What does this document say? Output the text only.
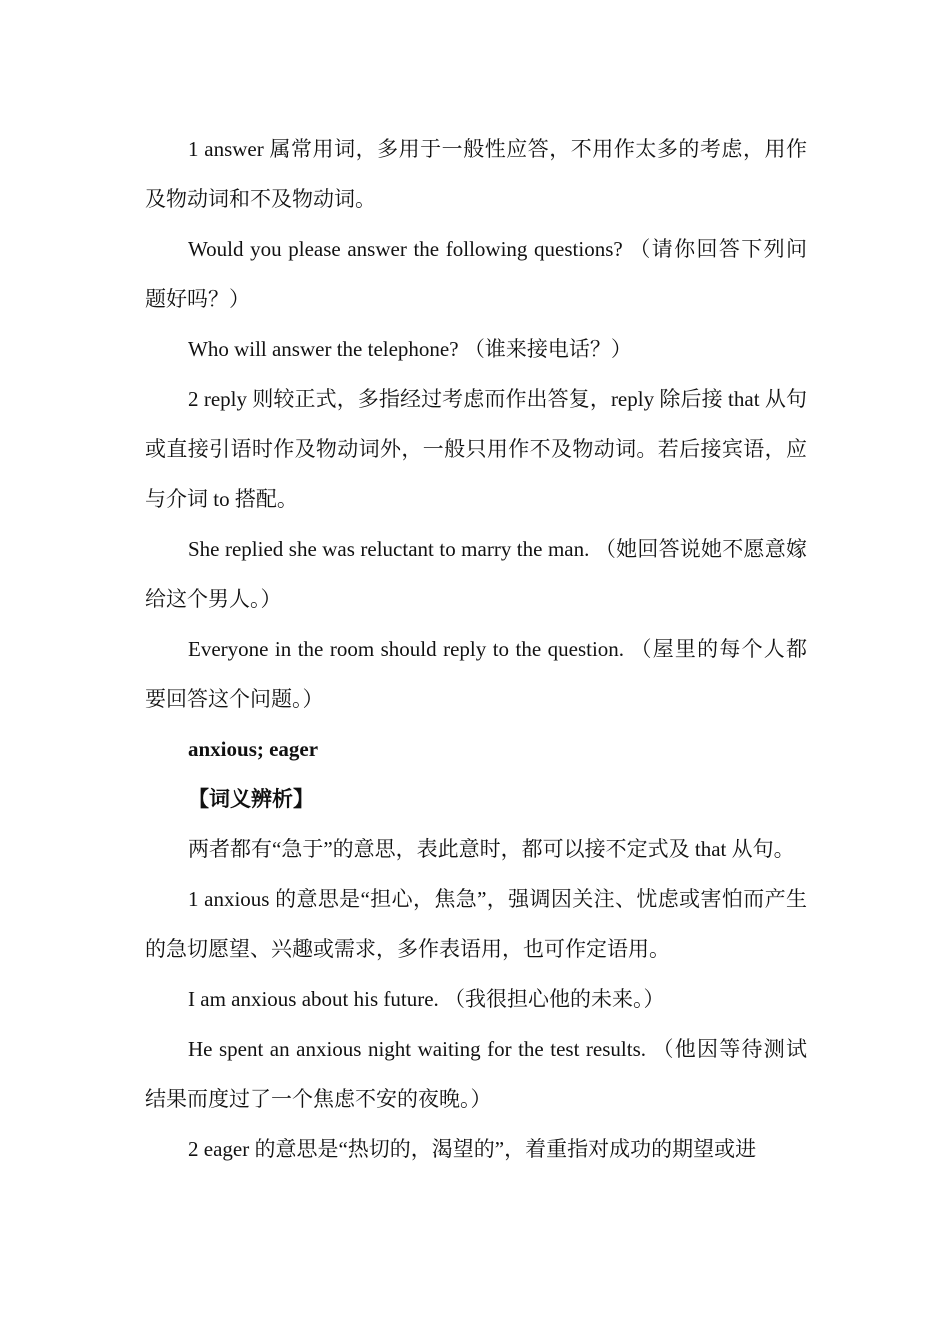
1 answer 属常用词，多用于一般性应答，不用作太多的考虑，用作及物动词和不及物动词。

Would you please answer the following questions? （请你回答下列问题好吗？）

Who will answer the telephone? （谁来接电话？）

2 reply 则较正式，多指经过考虑而作出答复，reply 除后接 that 从句或直接引语时作及物动词外，一般只用作不及物动词。若后接宾语，应与介词 to 搭配。

She replied she was reluctant to marry the man. （她回答说她不愿意嫁给这个男人。）

Everyone in the room should reply to the question. （屋里的每个人都要回答这个问题。）

anxious; eager

【词义辨析】

两者都有“急于”的意思，表此意时，都可以接不定式及 that 从句。

1 anxious 的意思是“担心，焦急”，强调因关注、忧虑或害怕而产生的急切愿望、兴趣或需求，多作表语用，也可作定语用。

I am anxious about his future. （我很担心他的未来。）

He spent an anxious night waiting for the test results. （他因等待测试结果而度过了一个焦虑不安的夜晚。）

2 eager 的意思是“热切的，渴望的”，着重指对成功的期望或进
